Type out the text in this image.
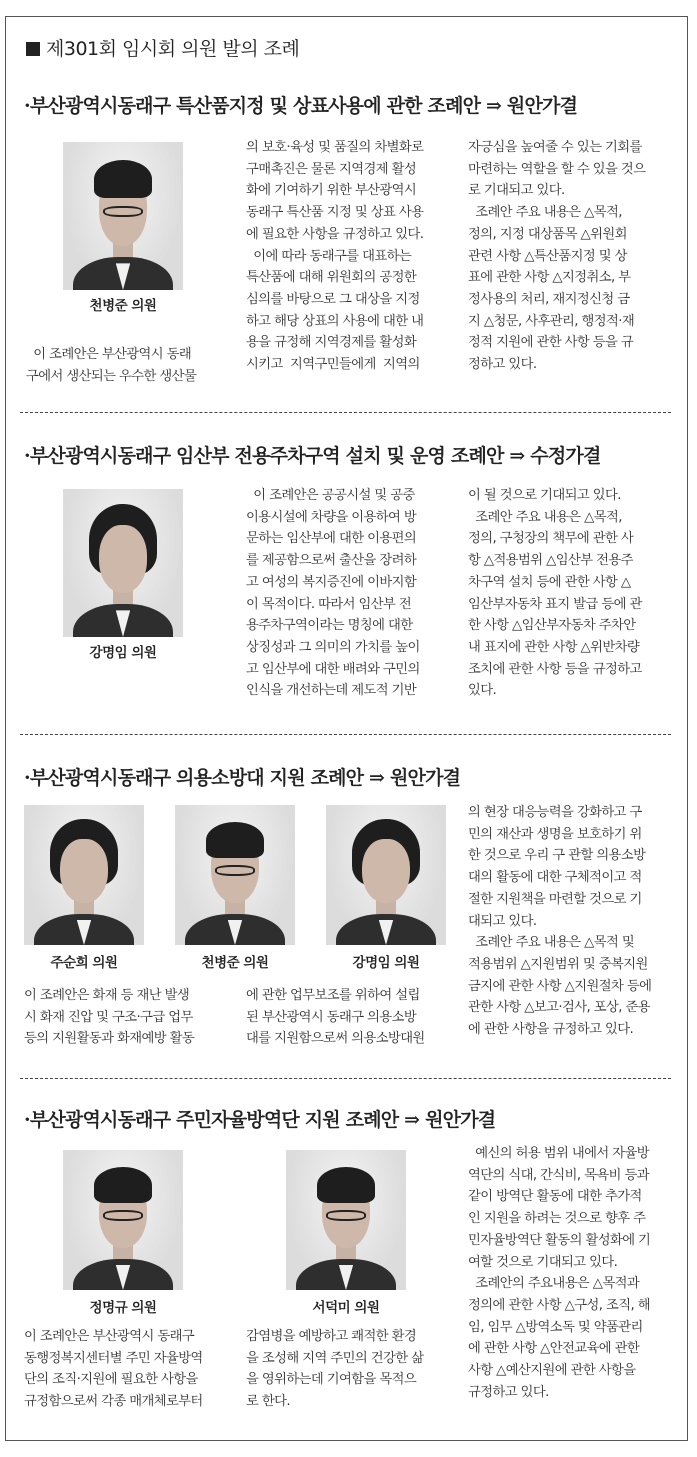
제301회 임시회 의원 발의 조례
·부산광역시동래구 특산품지정 및 상표사용에 관한 조례안 ⇒ 원안가결
천병준 의원
이 조례안은 부산광역시 동래
구에서 생산되는 우수한 생산물
의 보호·육성 및 품질의 차별화로
구매촉진은 물론 지역경제 활성
화에 기여하기 위한 부산광역시
동래구 특산품 지정 및 상표 사용
에 필요한 사항을 규정하고 있다.
이에 따라 동래구를 대표하는
특산품에 대해 위원회의 공정한
심의를 바탕으로 그 대상을 지정
하고 해당 상표의 사용에 대한 내
용을 규정해 지역경제를 활성화
시키고  지역구민들에게  지역의
자긍심을 높여줄 수 있는 기회를
마련하는 역할을 할 수 있을 것으
로 기대되고 있다.
조례안 주요 내용은 △목적,
정의, 지정 대상품목 △위원회
관련 사항 △특산품지정 및 상
표에 관한 사항 △지정취소, 부
정사용의 처리, 재지정신청 금
지 △청문, 사후관리, 행정적·재
정적 지원에 관한 사항 등을 규
정하고 있다.
·부산광역시동래구 임산부 전용주차구역 설치 및 운영 조례안 ⇒ 수정가결
강명임 의원
이 조례안은 공공시설 및 공중
이용시설에 차량을 이용하여 방
문하는 임산부에 대한 이용편의
를 제공함으로써 출산을 장려하
고 여성의 복지증진에 이바지함
이 목적이다. 따라서 임산부 전
용주차구역이라는 명칭에 대한
상징성과 그 의미의 가치를 높이
고 임산부에 대한 배려와 구민의
인식을 개선하는데 제도적 기반
이 될 것으로 기대되고 있다.
조례안 주요 내용은 △목적,
정의, 구청장의 책무에 관한 사
항 △적용범위 △임산부 전용주
차구역 설치 등에 관한 사항 △
임산부자동차 표지 발급 등에 관
한 사항 △임산부자동차 주차안
내 표지에 관한 사항 △위반차량
조치에 관한 사항 등을 규정하고
있다.
·부산광역시동래구 의용소방대 지원 조례안 ⇒ 원안가결
주순희 의원	천병준 의원	강명임 의원
이 조례안은 화재 등 재난 발생
시 화재 진압 및 구조·구급 업무
등의 지원활동과 화재예방 활동
에 관한 업무보조를 위하여 설립
된 부산광역시 동래구 의용소방
대를 지원함으로써 의용소방대원
의 현장 대응능력을 강화하고 구
민의 재산과 생명을 보호하기 위
한 것으로 우리 구 관할 의용소방
대의 활동에 대한 구체적이고 적
절한 지원책을 마련할 것으로 기
대되고 있다.
조례안 주요 내용은 △목적 및
적용범위 △지원범위 및 중복지원
금지에 관한 사항 △지원절차 등에
관한 사항 △보고·검사, 포상, 준용
에 관한 사항을 규정하고 있다.
·부산광역시동래구 주민자율방역단 지원 조례안 ⇒ 원안가결
정명규 의원	서덕미 의원
이 조례안은 부산광역시 동래구
동행정복지센터별 주민 자율방역
단의 조직·지원에 필요한 사항을
규정함으로써 각종 매개체로부터
감염병을 예방하고 쾌적한 환경
을 조성해 지역 주민의 건강한 삶
을 영위하는데 기여함을 목적으
로 한다.
예신의 허용 범위 내에서 자율방
역단의 식대, 간식비, 목욕비 등과
같이 방역단 활동에 대한 추가적
인 지원을 하려는 것으로 향후 주
민자율방역단 활동의 활성화에 기
여할 것으로 기대되고 있다.
조례안의 주요내용은 △목적과
정의에 관한 사항 △구성, 조직, 해
임, 임무 △방역소독 및 약품관리
에 관한 사항 △안전교육에 관한
사항 △예산지원에 관한 사항을
규정하고 있다.
